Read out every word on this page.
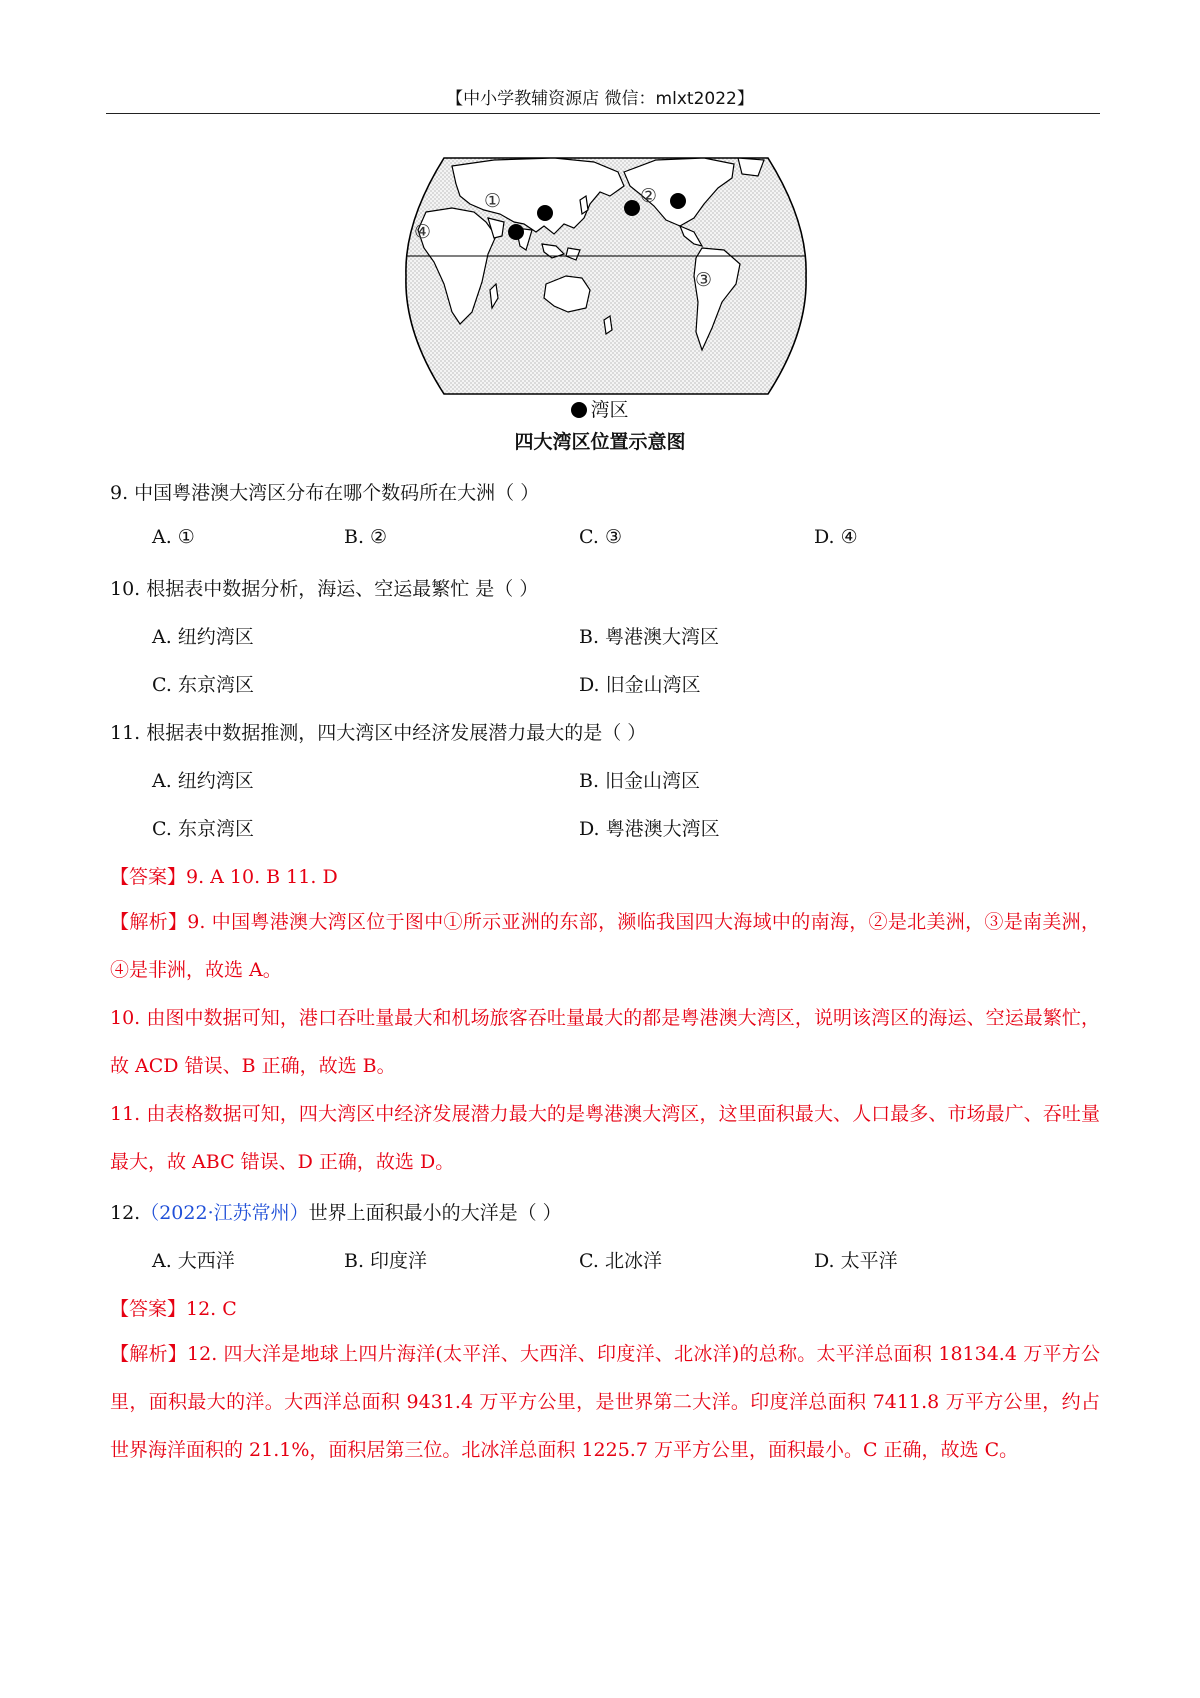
【中小学教辅资源店 微信：mlxt2022】
①	②
③
④
湾区
四大湾区位置示意图
9. 中国粤港澳大湾区分布在哪个数码所在大洲（ ）
A. ①	B. ②	C. ③	D. ④
10. 根据表中数据分析，海运、空运最繁忙 是（ ）
A. 纽约湾区	B. 粤港澳大湾区
C. 东京湾区	D. 旧金山湾区
11. 根据表中数据推测，四大湾区中经济发展潜力最大的是（ ）
A. 纽约湾区	B. 旧金山湾区
C. 东京湾区	D. 粤港澳大湾区
【答案】9. A 10. B 11. D
【解析】9. 中国粤港澳大湾区位于图中①所示亚洲的东部，濒临我国四大海域中的南海，②是北美洲，③是南美洲，④是非洲，故选 A。
10. 由图中数据可知，港口吞吐量最大和机场旅客吞吐量最大的都是粤港澳大湾区，说明该湾区的海运、空运最繁忙，故 ACD 错误、B 正确，故选 B。
11. 由表格数据可知，四大湾区中经济发展潜力最大的是粤港澳大湾区，这里面积最大、人口最多、市场最广、吞吐量最大，故 ABC 错误、D 正确，故选 D。
12.（2022·江苏常州）世界上面积最小的大洋是（ ）
A. 大西洋	B. 印度洋	C. 北冰洋	D. 太平洋
【答案】12. C
【解析】12. 四大洋是地球上四片海洋(太平洋、大西洋、印度洋、北冰洋)的总称。太平洋总面积 18134.4 万平方公里，面积最大的洋。大西洋总面积 9431.4 万平方公里，是世界第二大洋。印度洋总面积 7411.8 万平方公里，约占世界海洋面积的 21.1%，面积居第三位。北冰洋总面积 1225.7 万平方公里，面积最小。C 正确，故选 C。
